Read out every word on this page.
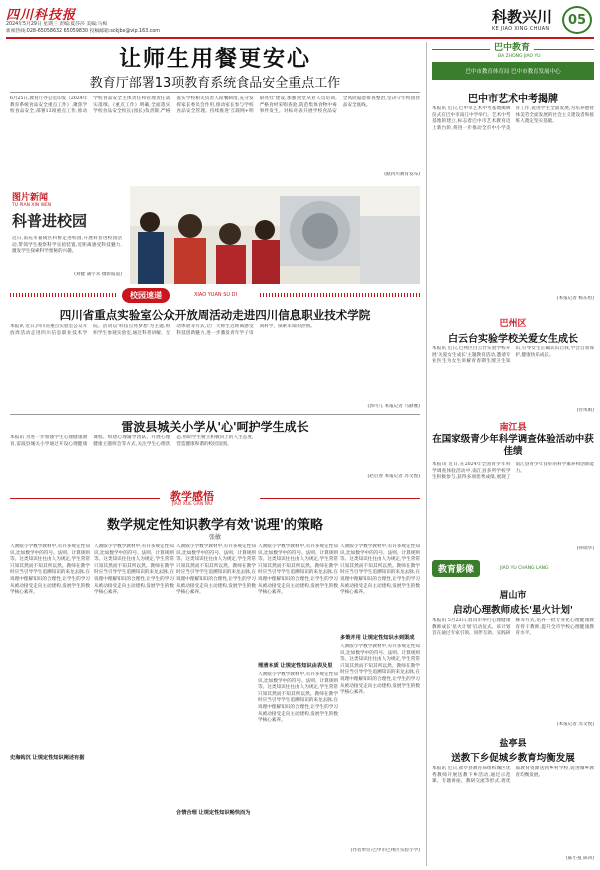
四川科技报
2024年5月29日 星期三 责编:夏莎莎 美编:马梅
新闻热线:028-65058632 65059830 投稿邮箱:sckjbx@vip.163.com
科教兴川
KE JIAO XING CHUAN
05
让师生用餐更安心
教育厅部署13项教育系统食品安全重点工作
6月25日,教育厅办公室印发《2024年教育系统食品安全重点工作》,聚焦学校食品安全,部署13项重点工作,推动学校食品安全主体责任和管理责任落实落细。《重点工作》明确,全面落实学校食品安全校长(园长)负责制,严格落实学校相关负责人陪餐制度,充分发挥家长委员会作用,推动家长参与学校食品安全管理。持续推进'互联网+明厨亮灶'建设,加强食堂从业人员培训,严格食材采购查验,防范集体食物中毒事件发生。对标对表开展学校食品安全风险隐患排查整治,坚决守牢校园食品安全底线。
(据四川教育发布)
图片新闻
TU PIAN XIN WEN
科普进校园
近日,南充市嘉陵区科协走进校园,开展科普进校园活动,带领学生观察科学实验装置,近距离感受科技魅力,激发学生探索科学奥秘的兴趣。
(刘健 蒲宇禾 摄影报道)
校园速递	XIAO YUAN SU DI
四川省重点实验室公众开放周活动走进四川信息职业技术学院
本报讯 近日,四川省重点实验室公众开放周活动走进四川信息职业技术学院。活动以'科技点亮梦想'为主题,组织学生参观实验室,通过科普讲解、互动体验等方式,让广大师生近距离感受科技创新魅力,进一步激发青年学子崇尚科学、探索未知的热情。
(郭可儿 本报记者 马静雅)
雷波县城关小学从'心'呵护学生成长
本报讯 为进一步加强学生心理健康教育,雷波县城关小学通过开设心理健康课程、组建心理辅导团队、开展心理健康主题班会等方式,关注学生心理状态,帮助学生树立积极向上的人生态度,营造健康和谐的校园氛围。
(赵启春 本报记者 苏文悦)
教学感悟
JIAO XUE GAN WU
数学规定性知识教学有效'说理'的策略
张敏
人教版小学数学教材中,有许多规定性知识,比如数学中的符号、法则、计算规则等。这类知识往往由人为规定,学生常常只知其然而不知其所以然。教师在教学时应当引导学生追溯知识的来龙去脉,在说理中理解知识的合理性,让学生的学习从被动接受走向主动建构,发展学生的数学核心素养。
史海钩沉 让规定性知识阐述有据
人教版小学数学教材中,有许多规定性知识,比如数学中的符号、法则、计算规则等。这类知识往往由人为规定,学生常常只知其然而不知其所以然。教师在教学时应当引导学生追溯知识的来龙去脉,在说理中理解知识的合理性,让学生的学习从被动接受走向主动建构,发展学生的数学核心素养。
合情合理 让规定性知识畅快而为
人教版小学数学教材中,有许多规定性知识,比如数学中的符号、法则、计算规则等。这类知识往往由人为规定,学生常常只知其然而不知其所以然。教师在教学时应当引导学生追溯知识的来龙去脉,在说理中理解知识的合理性,让学生的学习从被动接受走向主动建构,发展学生的数学核心素养。
理清本质 让规定性知识由表及里
人教版小学数学教材中,有许多规定性知识,比如数学中的符号、法则、计算规则等。这类知识往往由人为规定,学生常常只知其然而不知其所以然。教师在教学时应当引导学生追溯知识的来龙去脉,在说理中理解知识的合理性,让学生的学习从被动接受走向主动建构,发展学生的数学核心素养。
人教版小学数学教材中,有许多规定性知识,比如数学中的符号、法则、计算规则等。这类知识往往由人为规定,学生常常只知其然而不知其所以然。教师在教学时应当引导学生追溯知识的来龙去脉,在说理中理解知识的合理性,让学生的学习从被动接受走向主动建构,发展学生的数学核心素养。
多策并用 让规定性知识水到渠成
人教版小学数学教材中,有许多规定性知识,比如数学中的符号、法则、计算规则等。这类知识往往由人为规定,学生常常只知其然而不知其所以然。教师在教学时应当引导学生追溯知识的来龙去脉,在说理中理解知识的合理性,让学生的学习从被动接受走向主动建构,发展学生的数学核心素养。
人教版小学数学教材中,有许多规定性知识,比如数学中的符号、法则、计算规则等。这类知识往往由人为规定,学生常常只知其然而不知其所以然。教师在教学时应当引导学生追溯知识的来龙去脉,在说理中理解知识的合理性,让学生的学习从被动接受走向主动建构,发展学生的数学核心素养。
(作者单位:巴中市巴州区实验小学)
巴中教育
BA ZHONG JIAO YU
巴中市教育体育局 巴中市教育发展中心
巴中市艺术中考揭牌
本报讯 近日,巴中市艺术中考基地揭牌仪式在巴中市南江中学举行。艺术中考基地的建立,标志着巴中市艺术教育迈上新台阶,将进一步推动全市中小学美育工作,促进学生全面发展,为培养德智体美劳全面发展的社会主义建设者和接班人奠定坚实基础。
(本报记者 杨东恒)
巴州区
白云台实验学校关爱女生成长
本报讯 近日,巴州区白云台实验学校开展'关爱女生成长'主题教育活动,邀请专业医生为女生讲解青春期生理卫生知识,引导女生正确认识自我,学会自我保护,健康快乐成长。
(付凤娟)
南江县
在国家级青少年科学调查体验活动中获佳绩
本报讯 近日,在2024年全国青少年科学调查体验活动中,南江县多所学校学生积极参与,获得多项优秀成绩,展现了南江县青少年良好的科学素养和创新能力。
(孙瑞华)
教育影像	JIAO YU CHANG LANG
眉山市
启动心理教师成长'星火计划'
本报讯 5月23日,眉山市举行心理健康教师成长'星火计划'启动仪式。该计划旨在通过专家引领、同伴互助、实践研修等方式,培养一批专业化心理健康教育骨干教师,提升全市学校心理健康教育水平。
(本报记者 苏文悦)
盐亭县
送教下乡促城乡教育均衡发展
本报讯 近日,盐亭县教育局组织城区优秀教师开展送教下乡活动,通过示范课、专题讲座、教研交流等形式,将优质教育资源送到乡村学校,促进城乡教育均衡发展。
(陈小蔓 陈涛)
